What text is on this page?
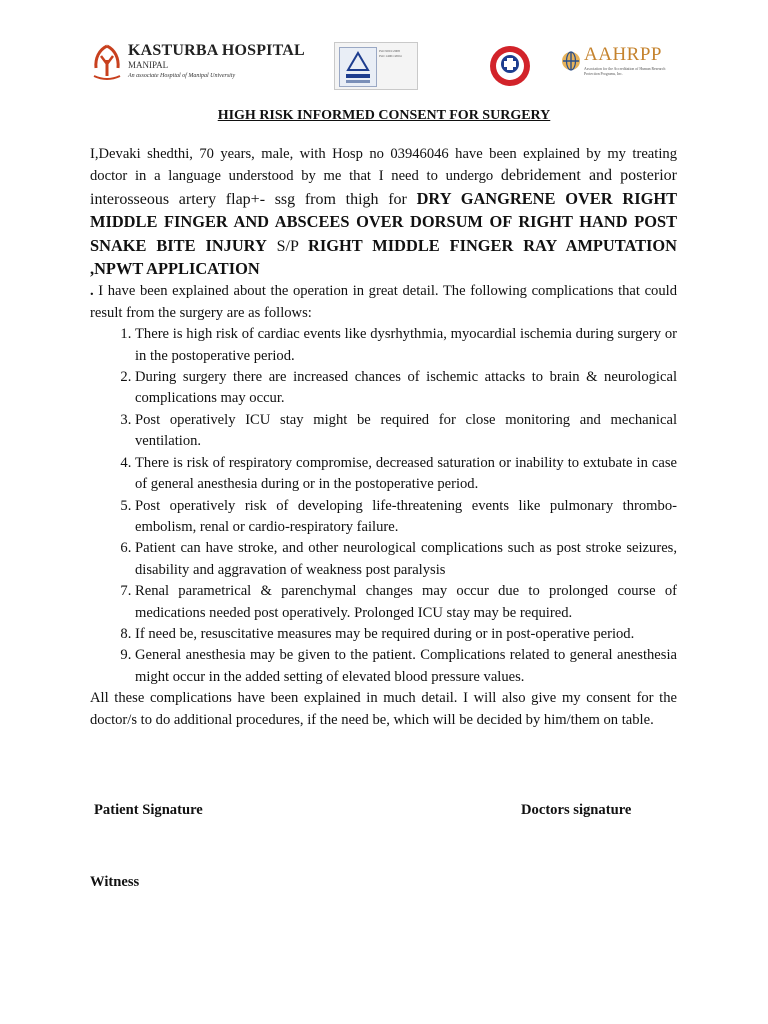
KASTURBA HOSPITAL
MANIPAL
An associate Hospital of Manipal University
ISO 9001:2008
ISO 14001:2004	AAHRPP
Association for the Accreditation of Human Research Protection Programs, Inc.
HIGH RISK INFORMED CONSENT FOR SURGERY

I,Devaki shedthi, 70 years, male, with Hosp no 03946046 have been explained by my treating doctor in a language understood by me that I need to undergo debridement and posterior interosseous artery flap+- ssg from thigh for DRY GANGRENE OVER RIGHT MIDDLE FINGER AND ABSCEES OVER DORSUM OF RIGHT HAND POST SNAKE BITE INJURY S/P RIGHT MIDDLE FINGER RAY AMPUTATION ,NPWT APPLICATION

. I have been explained about the operation in great detail. The following complications that could result from the surgery are as follows:

1. There is high risk of cardiac events like dysrhythmia, myocardial ischemia during surgery or in the postoperative period.
2. During surgery there are increased chances of ischemic attacks to brain & neurological complications may occur.
3. Post operatively ICU stay might be required for close monitoring and mechanical ventilation.
4. There is risk of respiratory compromise, decreased saturation or inability to extubate in case of general anesthesia during or in the postoperative period.
5. Post operatively risk of developing life-threatening events like pulmonary thrombo-embolism, renal or cardio-respiratory failure.
6. Patient can have stroke, and other neurological complications such as post stroke seizures, disability and aggravation of weakness post paralysis
7. Renal parametrical & parenchymal changes may occur due to prolonged course of medications needed post operatively. Prolonged ICU stay may be required.
8. If need be, resuscitative measures may be required during or in post-operative period.
9. General anesthesia may be given to the patient. Complications related to general anesthesia might occur in the added setting of elevated blood pressure values.

All these complications have been explained in much detail. I will also give my consent for the doctor/s to do additional procedures, if the need be, which will be decided by him/them on table.

Patient Signature	Doctors signature
Witness
